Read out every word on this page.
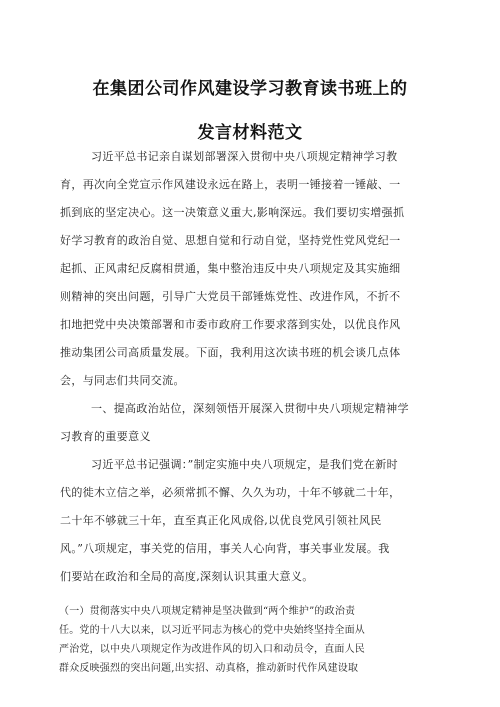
在集团公司作风建设学习教育读书班上的
发言材料范文
习近平总书记亲自谋划部署深入贯彻中央八项规定精神学习教
育，再次向全党宣示作风建设永远在路上，表明一锤接着一锤敲、一
抓到底的坚定决心。这一决策意义重大,影响深远。我们要切实增强抓
好学习教育的政治自觉、思想自觉和行动自觉，坚持党性党风党纪一
起抓、正风肃纪反腐相贯通，集中整治违反中央八项规定及其实施细
则精神的突出问题，引导广大党员干部锤炼党性、改进作风，不折不
扣地把党中央决策部署和市委市政府工作要求落到实处，以优良作风
推动集团公司高质量发展。下面，我利用这次读书班的机会谈几点体
会，与同志们共同交流。
一、提高政治站位，深刻领悟开展深入贯彻中央八项规定精神学
习教育的重要意义
习近平总书记强调：”制定实施中央八项规定，是我们党在新时
代的徙木立信之举，必须常抓不懈、久久为功，十年不够就二十年，
二十年不够就三十年，直至真正化风成俗,以优良党风引领社风民
风。”八项规定，事关党的信用，事关人心向背，事关事业发展。我
们要站在政治和全局的高度,深刻认识其重大意义。
（一）贯彻落实中央八项规定精神是坚决做到“两个维护”的政治责
任。党的十八大以来，以习近平同志为核心的党中央始终坚持全面从
严治党，以中央八项规定作为改进作风的切入口和动员令，直面人民
群众反映强烈的突出问题,出实招、动真格，推动新时代作风建设取
